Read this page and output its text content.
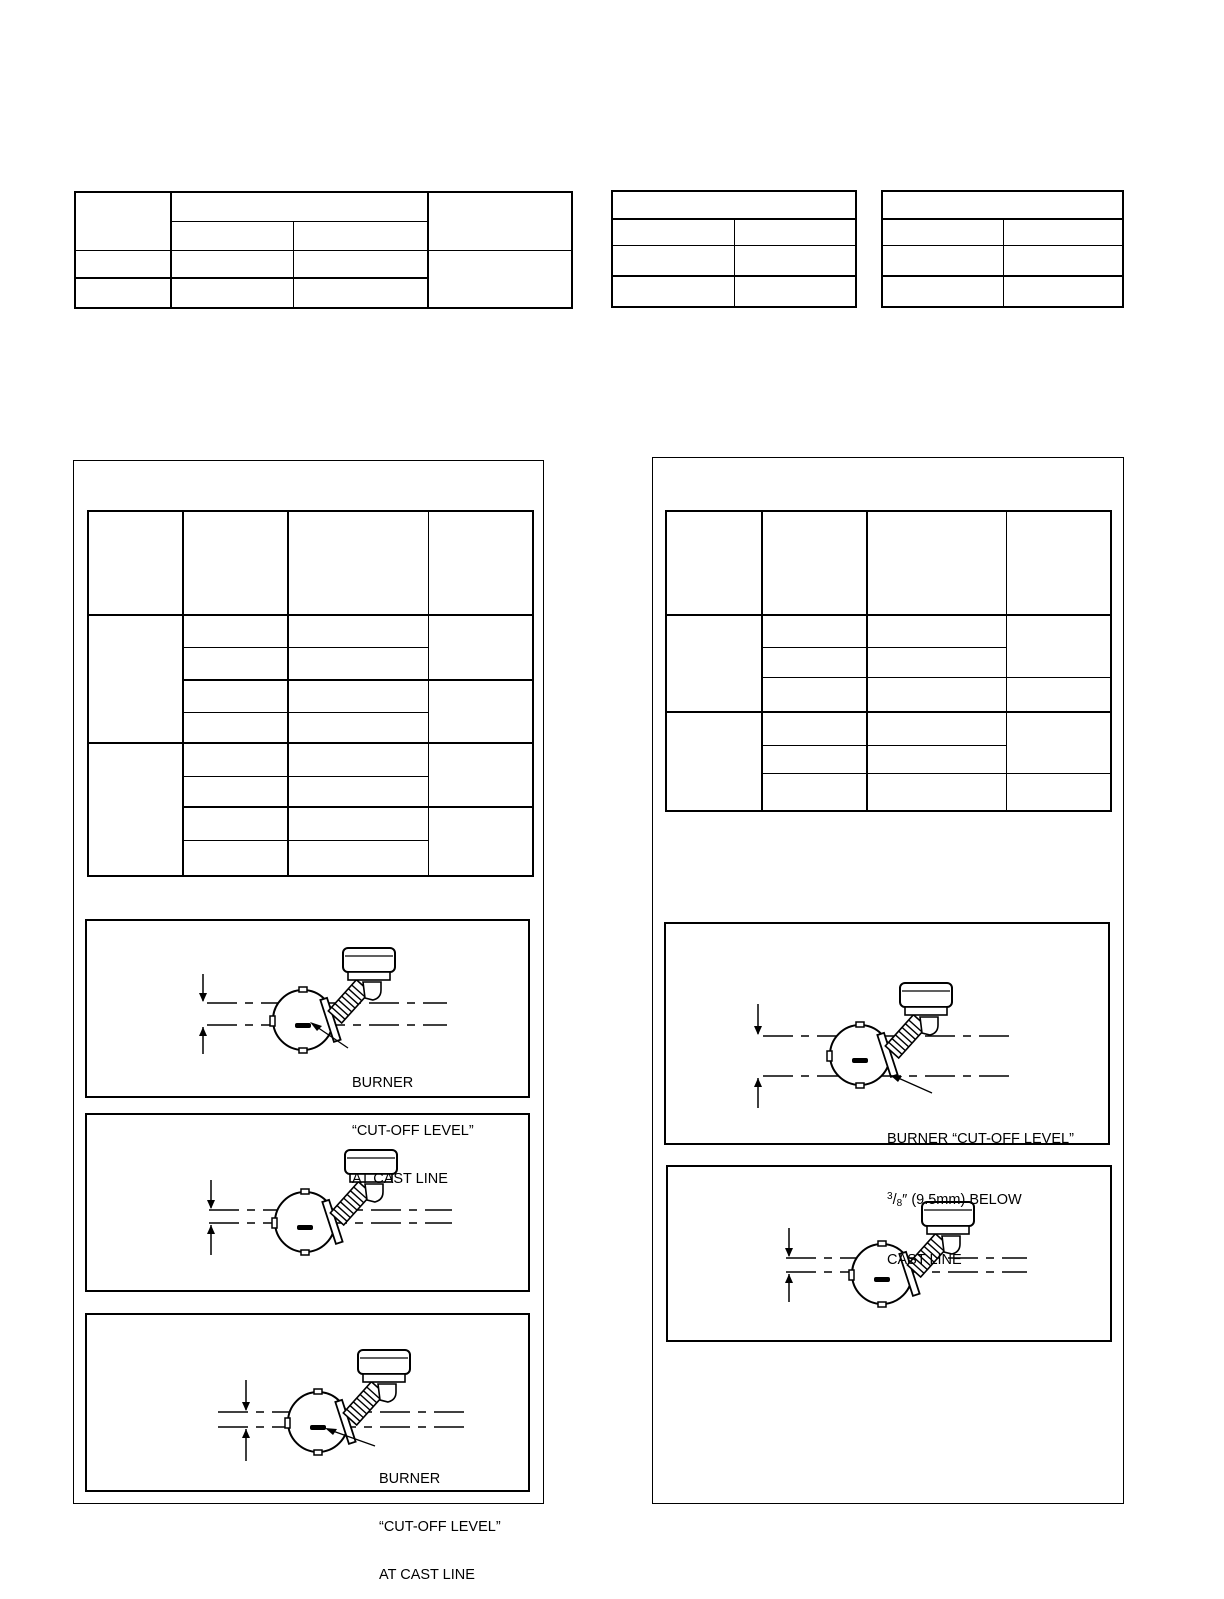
BURNER

“CUT-OFF LEVEL”

AT CAST LINE

BURNER

“CUT-OFF LEVEL”

AT CAST LINE

BURNER “CUT-OFF LEVEL”

$^3/_8''$ (9.5mm) BELOW

CAST LINE
